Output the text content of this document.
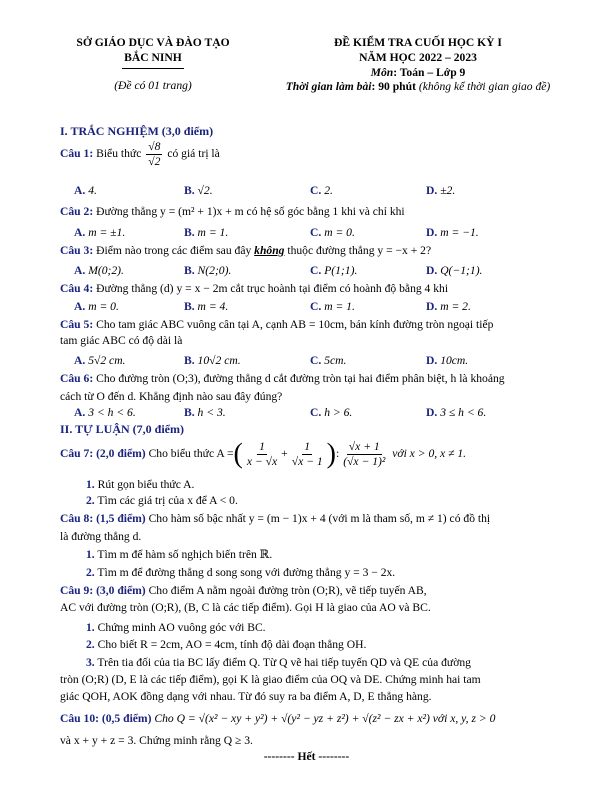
SỞ GIÁO DỤC VÀ ĐÀO TẠO
BẮC NINH
(Đề có 01 trang)
ĐỀ KIỂM TRA CUỐI HỌC KỲ I
NĂM HỌC 2022 – 2023
Môn: Toán – Lớp 9
Thời gian làm bài: 90 phút (không kể thời gian giao đề)
I. TRẮC NGHIỆM (3,0 điểm)
Câu 1: Biểu thức $\frac{√8}{√2}$ có giá trị là
A. 4.	B. √2.	C. 2.	D. ±2.
Câu 2: Đường thẳng y = (m² + 1)x + m có hệ số góc bằng 1 khi và chỉ khi
A. m = ±1.	B. m = 1.	C. m = 0.	D. m = −1.
Câu 3: Điểm nào trong các điểm sau đây không thuộc đường thẳng y = −x + 2?
A. M(0;2).	B. N(2;0).	C. P(1;1).	D. Q(−1;1).
Câu 4: Đường thẳng (d) y = x − 2m cắt trục hoành tại điểm có hoành độ bằng 4 khi
A. m = 0.	B. m = 4.	C. m = 1.	D. m = 2.
Câu 5: Cho tam giác ABC vuông cân tại A, cạnh AB = 10cm, bán kính đường tròn ngoại tiếp
tam giác ABC có độ dài là
A. 5√2 cm.	B. 10√2 cm.	C. 5cm.	D. 10cm.
Câu 6: Cho đường tròn (O;3), đường thẳng d cắt đường tròn tại hai điểm phân biệt, h là khoảng
cách từ O đến d. Khẳng định nào sau đây đúng?
A. 3 < h < 6.	B. h < 3.	C. h > 6.	D. 3 ≤ h < 6.
II. TỰ LUẬN (7,0 điểm)
Câu 7: (2,0 điểm) Cho biểu thức A =( $\frac{1}{x - √x} + \frac{1}{√x - 1}$ ): $\frac{√x + 1}{\text{(√x − 1)²}}$ với x > 0, x ≠ 1.
1. Rút gọn biểu thức A.
2. Tìm các giá trị của x để A < 0.
Câu 8: (1,5 điểm) Cho hàm số bậc nhất y = (m − 1)x + 4 (với m là tham số, m ≠ 1) có đồ thị
là đường thẳng d.
1. Tìm m để hàm số nghịch biến trên ℝ.
2. Tìm m để đường thẳng d song song với đường thẳng y = 3 − 2x.
Câu 9: (3,0 điểm) Cho điểm A nằm ngoài đường tròn (O;R), vẽ tiếp tuyến AB,
AC với đường tròn (O;R), (B, C là các tiếp điểm). Gọi H là giao của AO và BC.
1. Chứng minh AO vuông góc với BC.
2. Cho biết R = 2cm, AO = 4cm, tính độ dài đoạn thẳng OH.
3. Trên tia đối của tia BC lấy điểm Q. Từ Q vẽ hai tiếp tuyến QD và QE của đường
tròn (O;R) (D, E là các tiếp điểm), gọi K là giao điểm của OQ và DE. Chứng minh hai tam
giác QOH, AOK đồng dạng với nhau. Từ đó suy ra ba điểm A, D, E thẳng hàng.
Câu 10: (0,5 điểm) Cho Q = √(x² − xy + y²) + √(y² − yz + z²) + √(z² − zx + x²) với x, y, z > 0
và x + y + z = 3. Chứng minh rằng Q ≥ 3.
-------- Hết --------
